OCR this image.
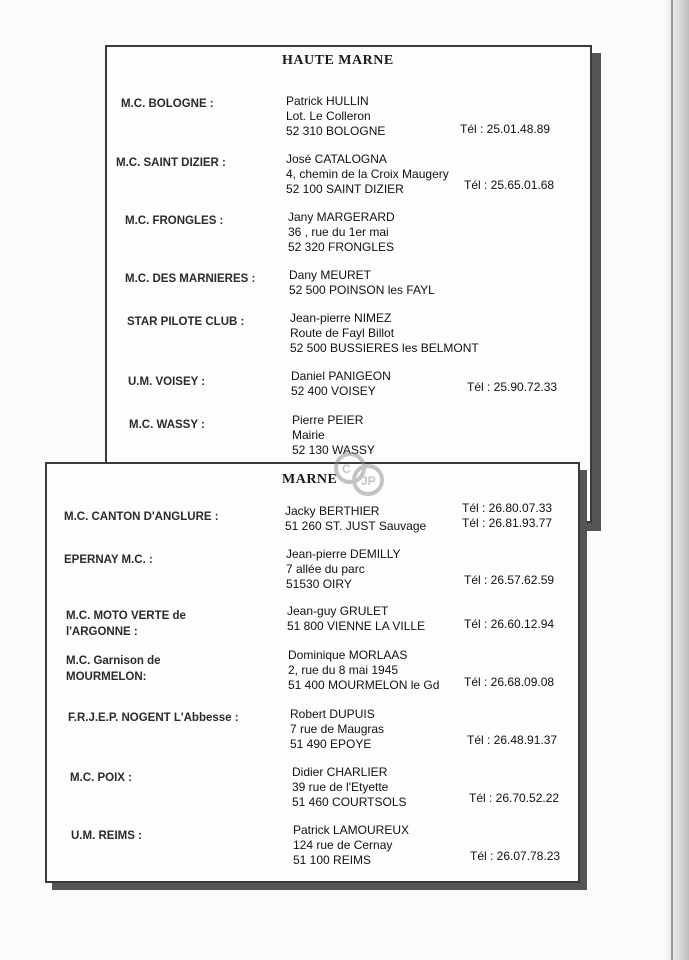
HAUTE MARNE
M.C. BOLOGNE :	Patrick HULLIN
Lot. Le Colleron
52 310 BOLOGNE	Tél : 25.01.48.89
M.C. SAINT DIZIER :	José CATALOGNA
4, chemin de la Croix Maugery
52 100 SAINT DIZIER	Tél : 25.65.01.68
M.C. FRONGLES :	Jany MARGERARD
36 , rue du 1er mai
52 320 FRONGLES
M.C. DES MARNIERES :	Dany MEURET
52 500 POINSON les FAYL
STAR PILOTE CLUB :	Jean-pierre NIMEZ
Route de Fayl Billot
52 500 BUSSIERES les BELMONT
U.M. VOISEY :	Daniel PANIGEON
52 400 VOISEY	Tél : 25.90.72.33
M.C. WASSY :	Pierre PEIER
Mairie
52 130 WASSY
MARNE
C
JP
M.C. CANTON D'ANGLURE :	Jacky BERTHIER
51 260 ST. JUST Sauvage
Tél : 26.80.07.33
Tél : 26.81.93.77
EPERNAY M.C. :	Jean-pierre DEMILLY
7 allée du parc
51530 OIRY	Tél : 26.57.62.59
M.C. MOTO VERTE de l'ARGONNE :
Jean-guy GRULET
51 800 VIENNE LA VILLE	Tél : 26.60.12.94
M.C. Garnison de MOURMELON:
Dominique MORLAAS
2, rue du 8 mai 1945
51 400 MOURMELON le Gd Tél : 26.68.09.08
F.R.J.E.P. NOGENT L'Abbesse :	Robert DUPUIS
7 rue de Maugras
51 490 EPOYE	Tél : 26.48.91.37
M.C. POIX :	Didier CHARLIER
39 rue de l'Etyette
51 460 COURTSOLS	Tél : 26.70.52.22
U.M. REIMS :	Patrick LAMOUREUX
124 rue de Cernay
51 100 REIMS	Tél : 26.07.78.23
